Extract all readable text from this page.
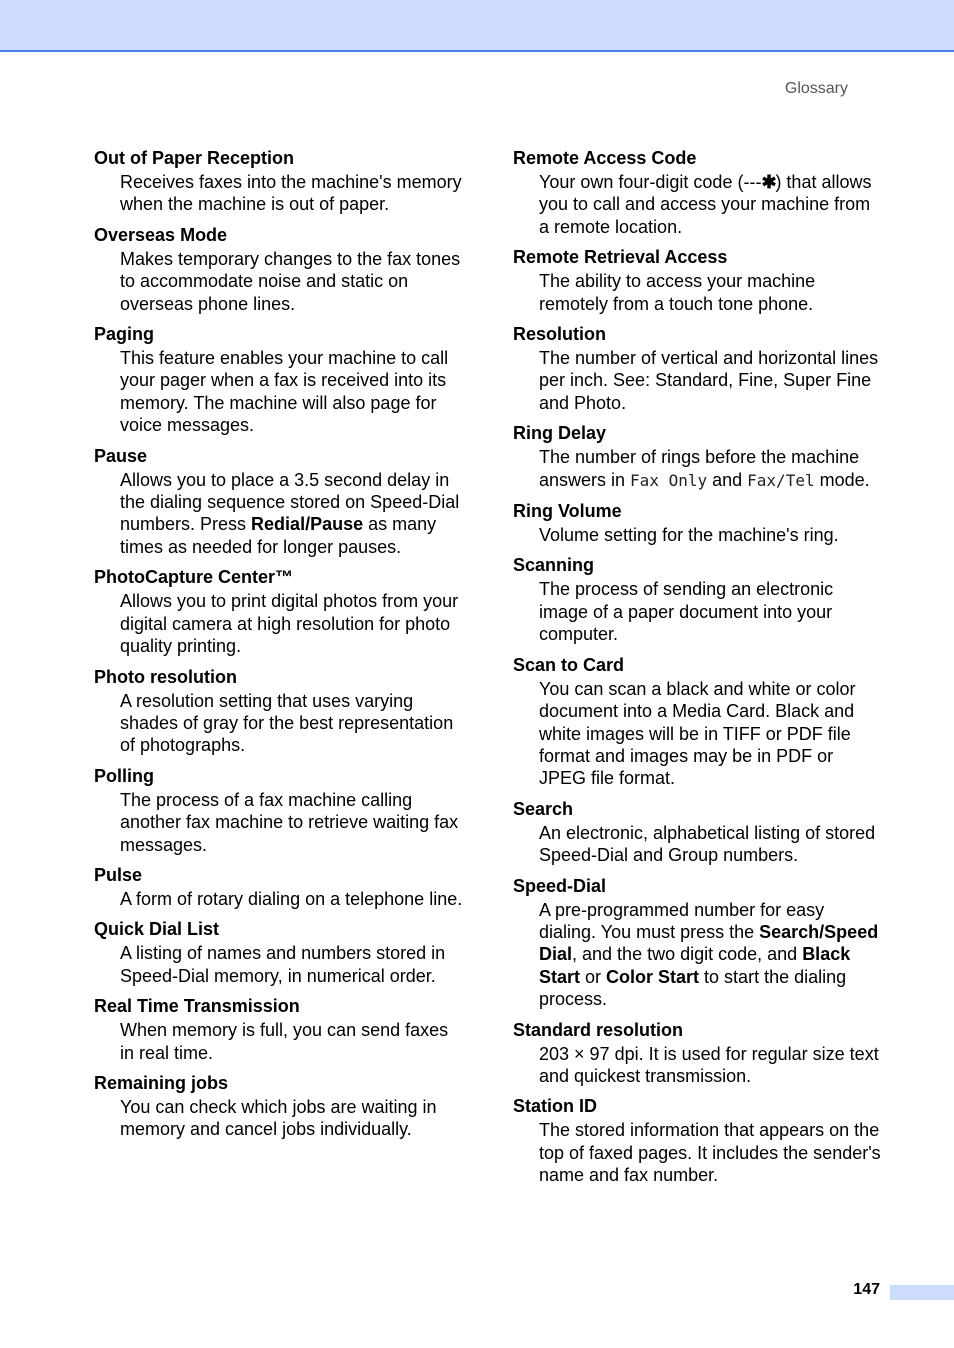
Glossary
Out of Paper Reception
Receives faxes into the machine's memory when the machine is out of paper.
Overseas Mode
Makes temporary changes to the fax tones to accommodate noise and static on overseas phone lines.
Paging
This feature enables your machine to call your pager when a fax is received into its memory. The machine will also page for voice messages.
Pause
Allows you to place a 3.5 second delay in the dialing sequence stored on Speed-Dial numbers. Press Redial/Pause as many times as needed for longer pauses.
PhotoCapture Center™
Allows you to print digital photos from your digital camera at high resolution for photo quality printing.
Photo resolution
A resolution setting that uses varying shades of gray for the best representation of photographs.
Polling
The process of a fax machine calling another fax machine to retrieve waiting fax messages.
Pulse
A form of rotary dialing on a telephone line.
Quick Dial List
A listing of names and numbers stored in Speed-Dial memory, in numerical order.
Real Time Transmission
When memory is full, you can send faxes in real time.
Remaining jobs
You can check which jobs are waiting in memory and cancel jobs individually.
Remote Access Code
Your own four-digit code (---✱) that allows you to call and access your machine from a remote location.
Remote Retrieval Access
The ability to access your machine remotely from a touch tone phone.
Resolution
The number of vertical and horizontal lines per inch. See: Standard, Fine, Super Fine and Photo.
Ring Delay
The number of rings before the machine answers in Fax Only and Fax/Tel mode.
Ring Volume
Volume setting for the machine's ring.
Scanning
The process of sending an electronic image of a paper document into your computer.
Scan to Card
You can scan a black and white or color document into a Media Card. Black and white images will be in TIFF or PDF file format and images may be in PDF or JPEG file format.
Search
An electronic, alphabetical listing of stored Speed-Dial and Group numbers.
Speed-Dial
A pre-programmed number for easy dialing. You must press the Search/Speed Dial, and the two digit code, and Black Start or Color Start to start the dialing process.
Standard resolution
203 × 97 dpi. It is used for regular size text and quickest transmission.
Station ID
The stored information that appears on the top of faxed pages. It includes the sender's name and fax number.
147
